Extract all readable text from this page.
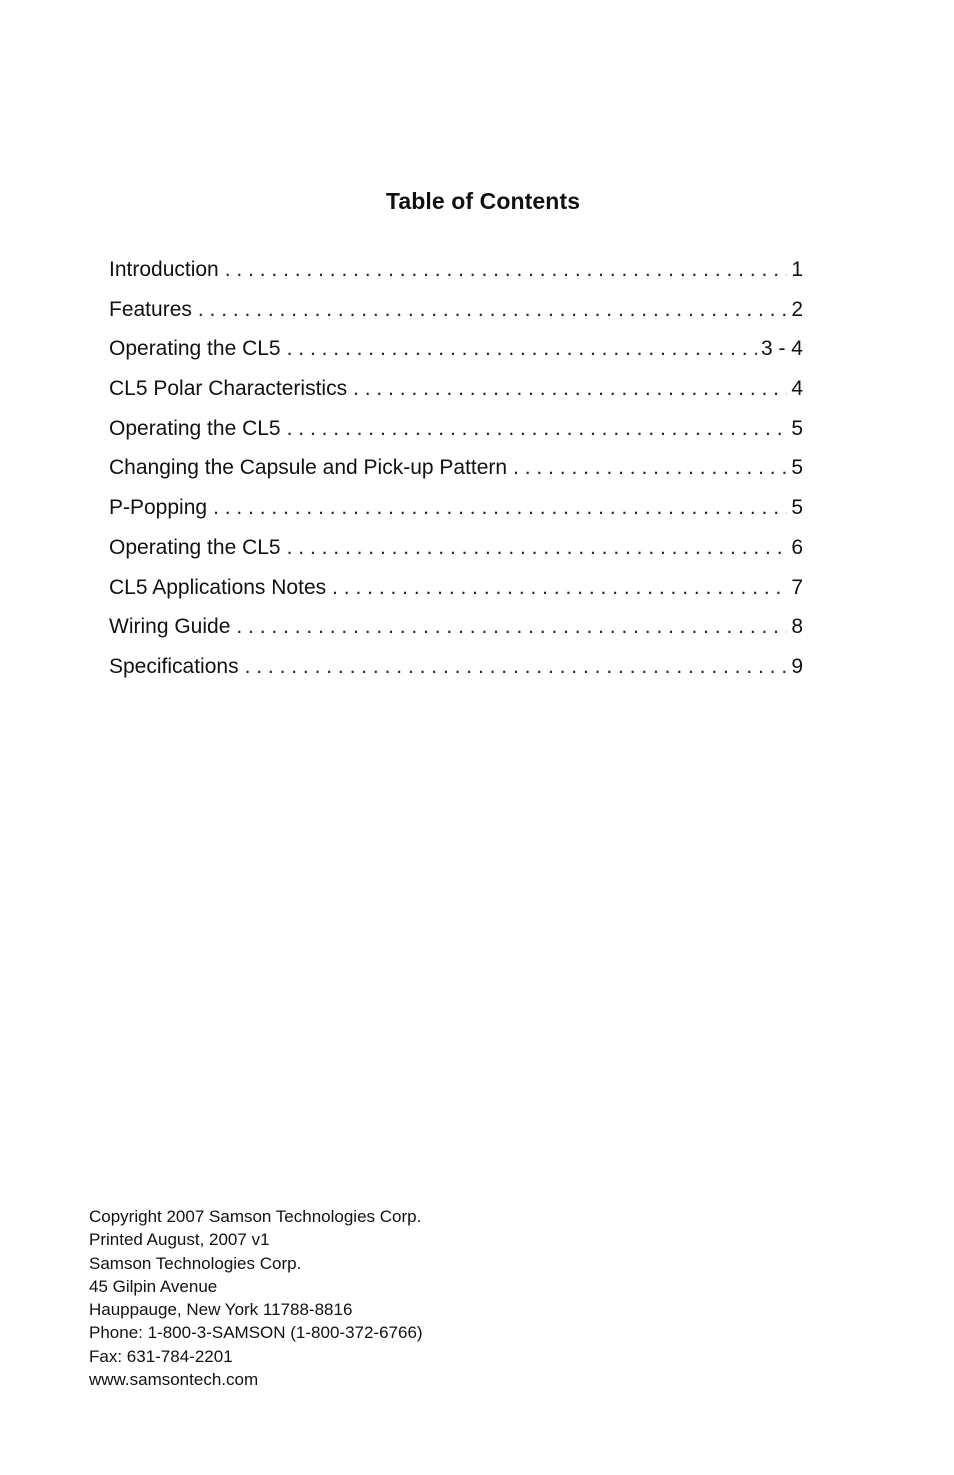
Table of Contents
Introduction . . .	1
Features . . .	2
Operating the CL5 . . .	3 - 4
CL5 Polar Characteristics . . .	4
Operating the CL5 . . .	5
Changing the Capsule and Pick-up Pattern . . .	5
P-Popping . . .	5
Operating the CL5 . . .	6
CL5 Applications Notes . . .	7
Wiring Guide . . .	8
Specifications . . .	9
Copyright 2007 Samson Technologies Corp.
Printed August, 2007 v1
Samson Technologies Corp.
45 Gilpin Avenue
Hauppauge, New York 11788-8816
Phone: 1-800-3-SAMSON (1-800-372-6766)
Fax: 631-784-2201
www.samsontech.com
